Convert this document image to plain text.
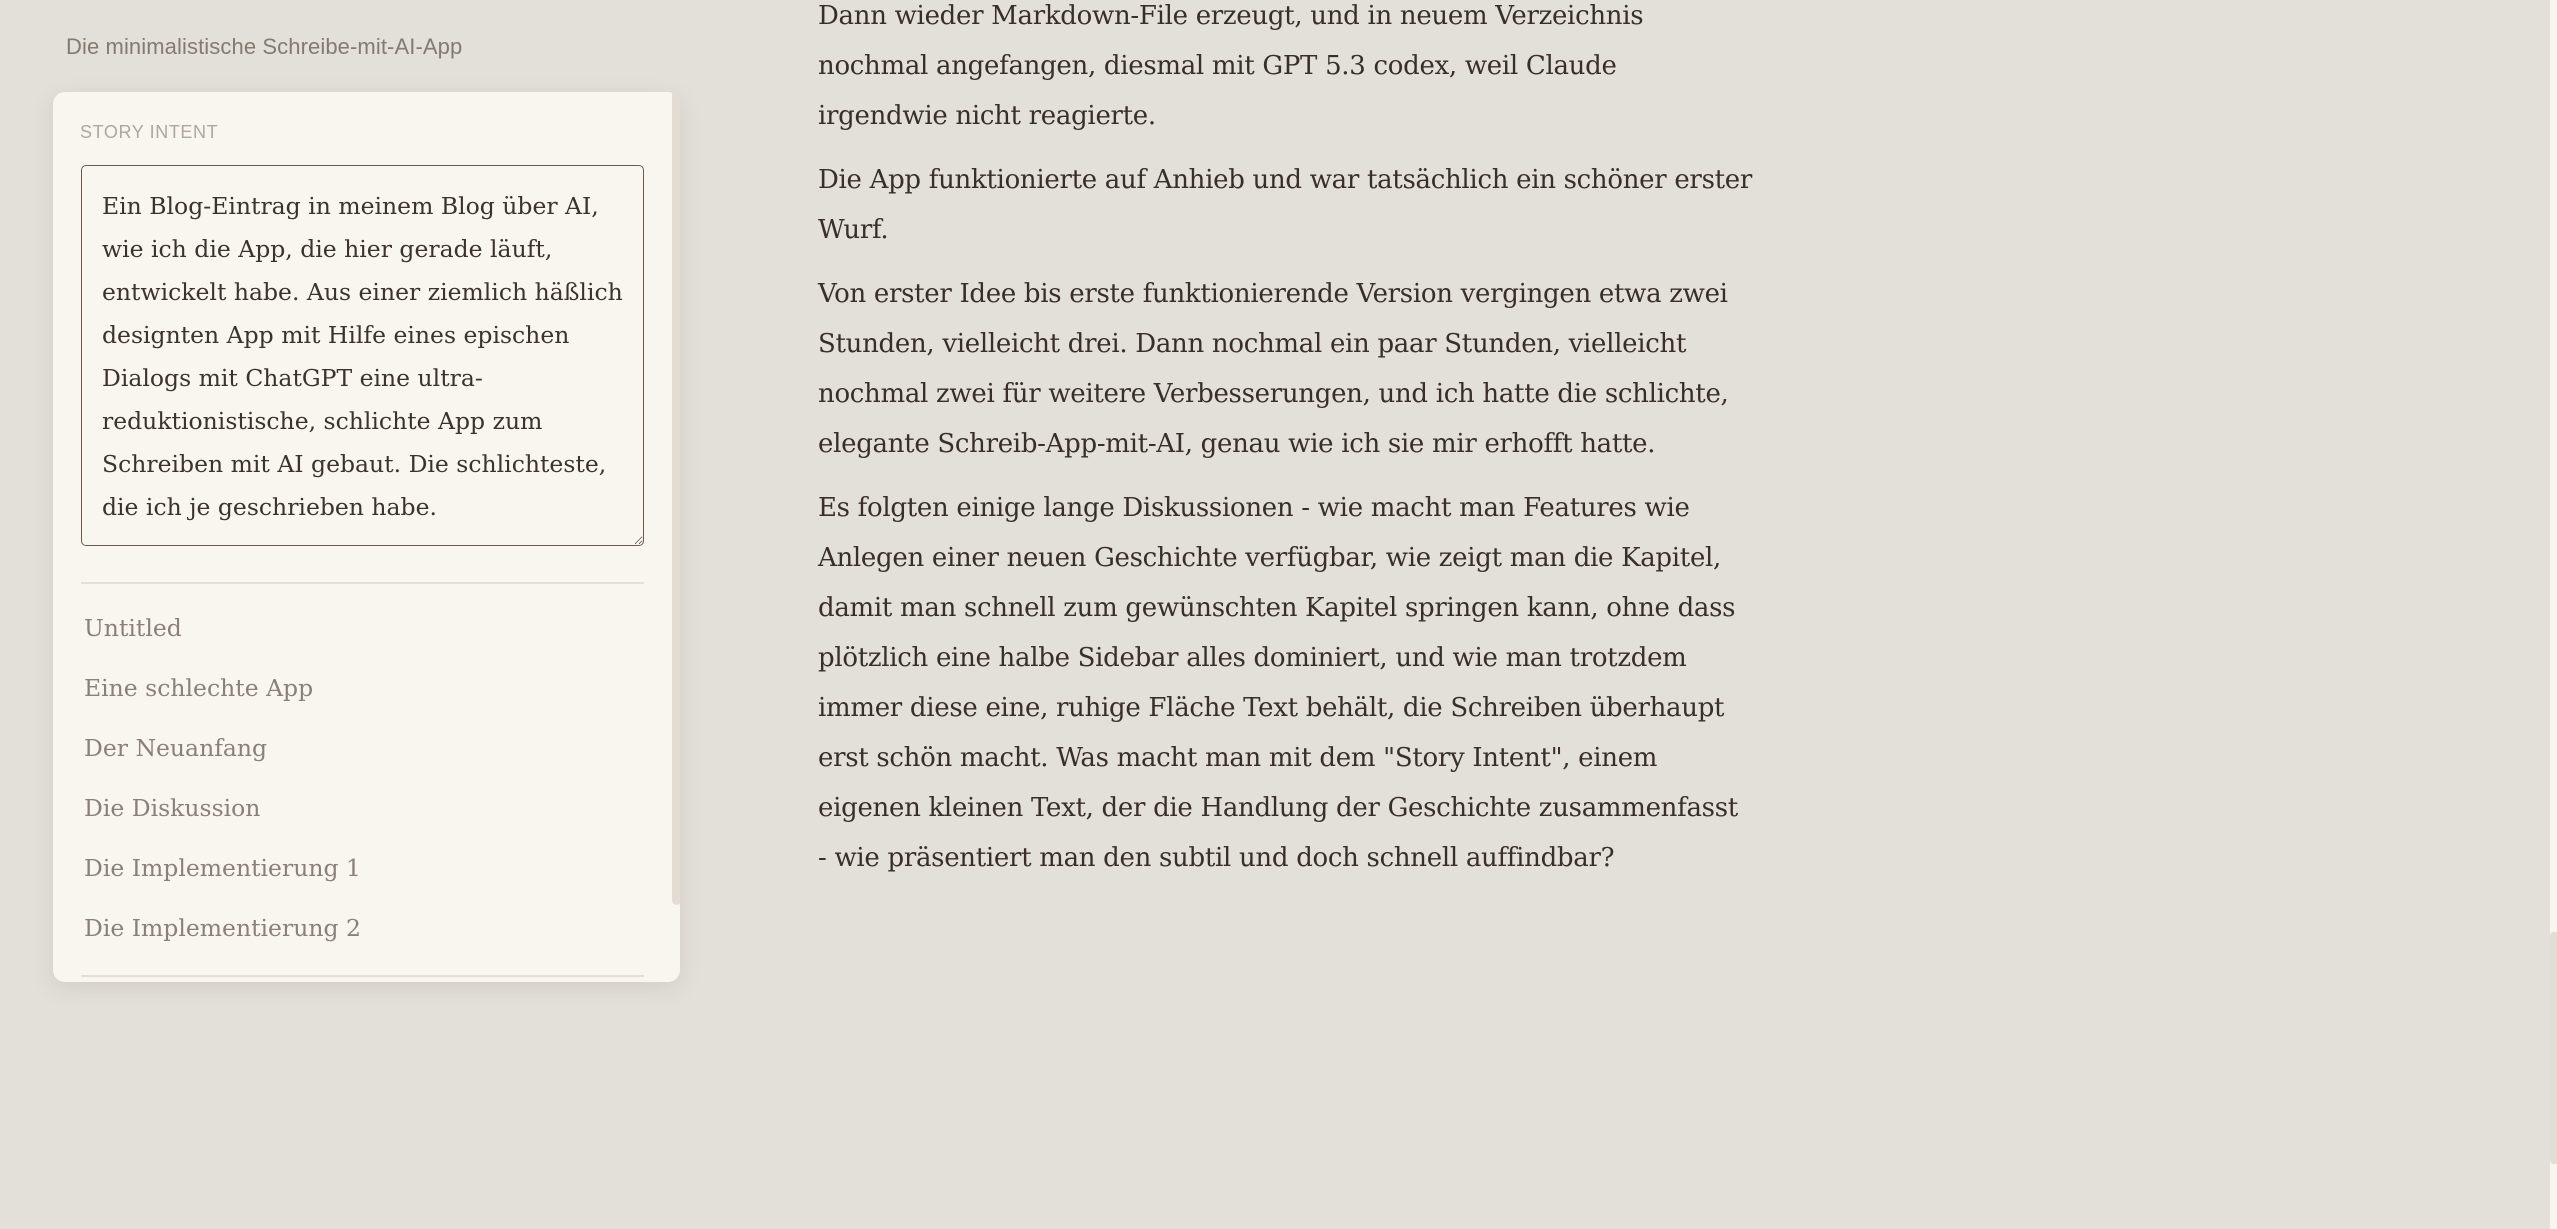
Die minimalistische Schreibe-mit-AI-App
STORY INTENT
Ein Blog-Eintrag in meinem Blog über AI, wie ich die App, die hier gerade läuft, entwickelt habe. Aus einer ziemlich häßlich designten App mit Hilfe eines epischen Dialogs mit ChatGPT eine ultra-reduktionistische, schlichte App zum Schreiben mit AI gebaut. Die schlichteste, die ich je geschrieben habe.
Untitled
Eine schlechte App
Der Neuanfang
Die Diskussion
Die Implementierung 1
Die Implementierung 2

Dann wieder Markdown-File erzeugt, und in neuem Verzeichnis nochmal angefangen, diesmal mit GPT 5.3 codex, weil Claude irgendwie nicht reagierte.

Die App funktionierte auf Anhieb und war tatsächlich ein schöner erster Wurf.

Von erster Idee bis erste funktionierende Version vergingen etwa zwei Stunden, vielleicht drei. Dann nochmal ein paar Stunden, vielleicht nochmal zwei für weitere Verbesserungen, und ich hatte die schlichte, elegante Schreib-App-mit-AI, genau wie ich sie mir erhofft hatte.

Es folgten einige lange Diskussionen - wie macht man Features wie Anlegen einer neuen Geschichte verfügbar, wie zeigt man die Kapitel, damit man schnell zum gewünschten Kapitel springen kann, ohne dass plötzlich eine halbe Sidebar alles dominiert, und wie man trotzdem immer diese eine, ruhige Fläche Text behält, die Schreiben überhaupt erst schön macht. Was macht man mit dem "Story Intent", einem eigenen kleinen Text, der die Handlung der Geschichte zusammenfasst - wie präsentiert man den subtil und doch schnell auffindbar?
